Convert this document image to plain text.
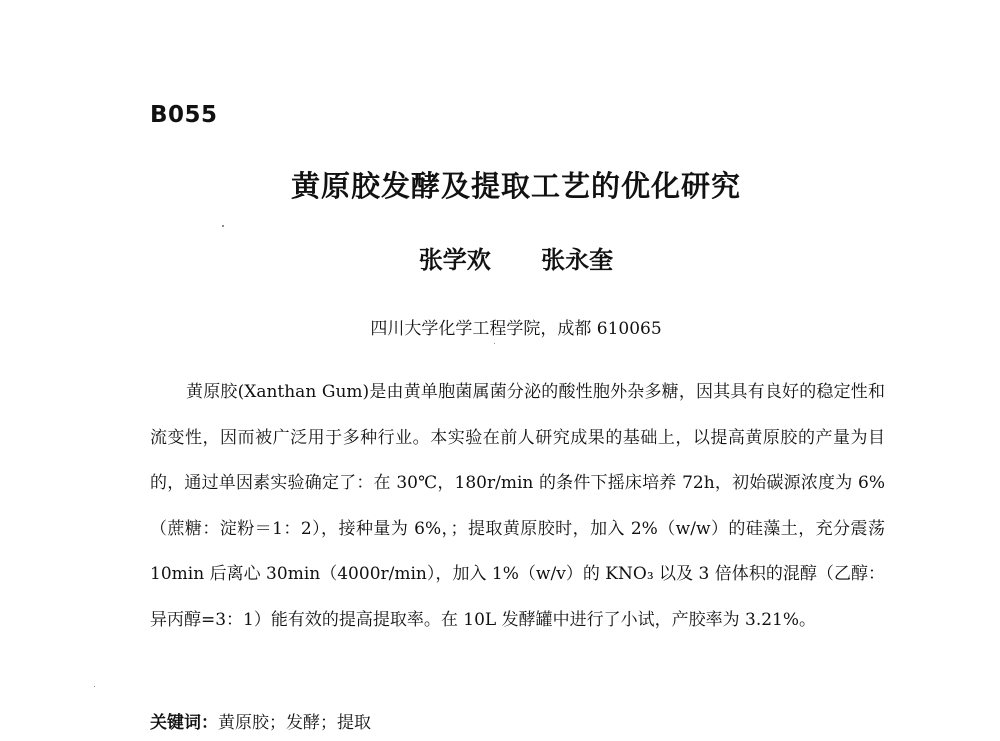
B055
黄原胶发酵及提取工艺的优化研究
张学欢 张永奎
四川大学化学工程学院，成都 610065

黄原胶(Xanthan Gum)是由黄单胞菌属菌分泌的酸性胞外杂多糖，因其具有良好的稳定性和流变性，因而被广泛用于多种行业。本实验在前人研究成果的基础上，以提高黄原胶的产量为目的，通过单因素实验确定了：在 30℃，180r/min 的条件下摇床培养 72h，初始碳源浓度为 6%（蔗糖：淀粉＝1：2），接种量为 6%，；提取黄原胶时，加入 2%（w/w）的硅藻土，充分震荡 10min 后离心 30min（4000r/min），加入 1%（w/v）的 KNO₃ 以及 3 倍体积的混醇（乙醇：异丙醇=3：1）能有效的提高提取率。在 10L 发酵罐中进行了小试，产胶率为 3.21%。

关键词：黄原胶；发酵；提取
